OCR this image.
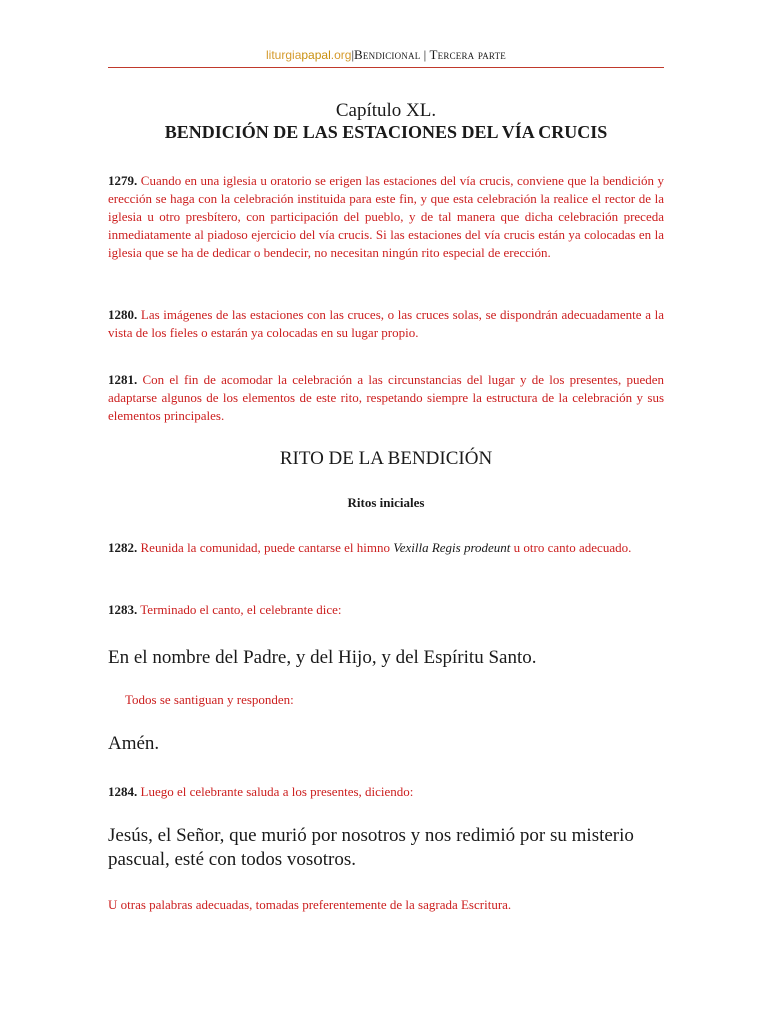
liturgiapapal.org|Bendicional | Tercera parte
Capítulo XL.
BENDICIÓN DE LAS ESTACIONES DEL VÍA CRUCIS
1279. Cuando en una iglesia u oratorio se erigen las estaciones del vía crucis, conviene que la bendición y erección se haga con la celebración instituida para este fin, y que esta celebración la realice el rector de la iglesia u otro presbítero, con participación del pueblo, y de tal manera que dicha celebración preceda inmediatamente al piadoso ejercicio del vía crucis. Si las estaciones del vía crucis están ya colocadas en la iglesia que se ha de dedicar o bendecir, no necesitan ningún rito especial de erección.
1280. Las imágenes de las estaciones con las cruces, o las cruces solas, se dispondrán adecuadamente a la vista de los fieles o estarán ya colocadas en su lugar propio.
1281. Con el fin de acomodar la celebración a las circunstancias del lugar y de los presentes, pueden adaptarse algunos de los elementos de este rito, respetando siempre la estructura de la celebración y sus elementos principales.
RITO DE LA BENDICIÓN
Ritos iniciales
1282. Reunida la comunidad, puede cantarse el himno Vexilla Regis prodeunt u otro canto adecuado.
1283. Terminado el canto, el celebrante dice:
En el nombre del Padre, y del Hijo, y del Espíritu Santo.
Todos se santiguan y responden:
Amén.
1284. Luego el celebrante saluda a los presentes, diciendo:
Jesús, el Señor, que murió por nosotros y nos redimió por su misterio pascual, esté con todos vosotros.
U otras palabras adecuadas, tomadas preferentemente de la sagrada Escritura.
